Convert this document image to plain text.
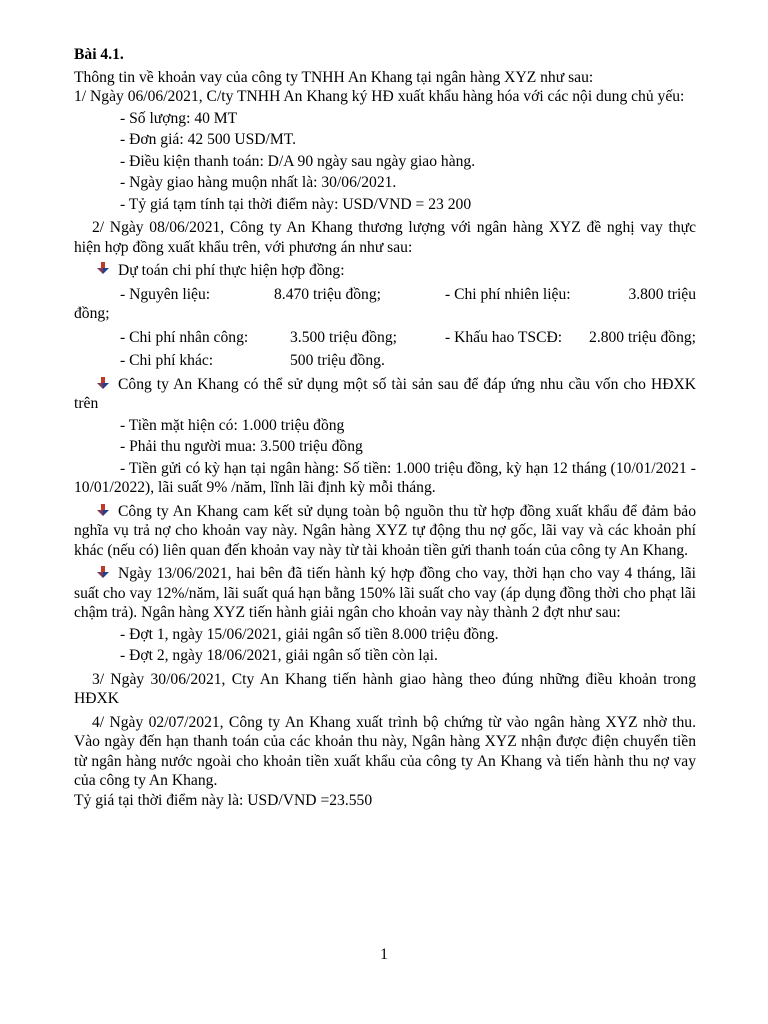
Bài 4.1.

Thông tin về khoản vay của công ty TNHH An Khang tại ngân hàng XYZ như sau:

1/ Ngày 06/06/2021, C/ty TNHH An Khang ký HĐ xuất khẩu hàng hóa với các nội dung chủ yếu:

- Số lượng: 40 MT

- Đơn giá: 42 500 USD/MT.

- Điều kiện thanh toán: D/A 90 ngày sau ngày giao hàng.

- Ngày giao hàng muộn nhất là: 30/06/2021.

- Tỷ giá tạm tính tại thời điểm này: USD/VND = 23 200

2/ Ngày 08/06/2021, Công ty An Khang thương lượng với ngân hàng XYZ đề nghị vay thực hiện hợp đồng xuất khẩu trên, với phương án như sau:

Dự toán chi phí thực hiện hợp đồng:
- Nguyên liệu:	8.470 triệu đồng;	- Chi phí nhiên liệu:	3.800 triệu

đồng;

- Chi phí nhân công:	3.500 triệu đồng;	- Khấu hao TSCĐ:	2.800 triệu đồng;
- Chi phí khác:	500 triệu đồng.
Công ty An Khang có thể sử dụng một số tài sản sau để đáp ứng nhu cầu vốn cho HĐXK trên

- Tiền mặt hiện có: 1.000 triệu đồng

- Phải thu người mua: 3.500 triệu đồng

- Tiền gửi có kỳ hạn tại ngân hàng: Số tiền: 1.000 triệu đồng, kỳ hạn 12 tháng (10/01/2021 - 10/01/2022), lãi suất 9% /năm, lĩnh lãi định kỳ mỗi tháng.

Công ty An Khang cam kết sử dụng toàn bộ nguồn thu từ hợp đồng xuất khẩu để đảm bảo nghĩa vụ trả nợ cho khoản vay này. Ngân hàng XYZ tự động thu nợ gốc, lãi vay và các khoản phí khác (nếu có) liên quan đến khoản vay này từ tài khoản tiền gửi thanh toán của công ty An Khang.
Ngày 13/06/2021, hai bên đã tiến hành ký hợp đồng cho vay, thời hạn cho vay 4 tháng, lãi suất cho vay 12%/năm, lãi suất quá hạn bằng 150% lãi suất cho vay (áp dụng đồng thời cho phạt lãi chậm trả). Ngân hàng XYZ tiến hành giải ngân cho khoản vay này thành 2 đợt như sau:

- Đợt 1, ngày 15/06/2021, giải ngân số tiền 8.000 triệu đồng.

- Đợt 2, ngày 18/06/2021, giải ngân số tiền còn lại.

3/ Ngày 30/06/2021, Cty An Khang tiến hành giao hàng theo đúng những điều khoản trong HĐXK

4/ Ngày 02/07/2021, Công ty An Khang xuất trình bộ chứng từ vào ngân hàng XYZ nhờ thu. Vào ngày đến hạn thanh toán của các khoản thu này, Ngân hàng XYZ nhận được điện chuyển tiền từ ngân hàng nước ngoài cho khoản tiền xuất khẩu của công ty An Khang và tiến hành thu nợ vay của công ty An Khang.

Tỷ giá tại thời điểm này là: USD/VND =23.550

1
